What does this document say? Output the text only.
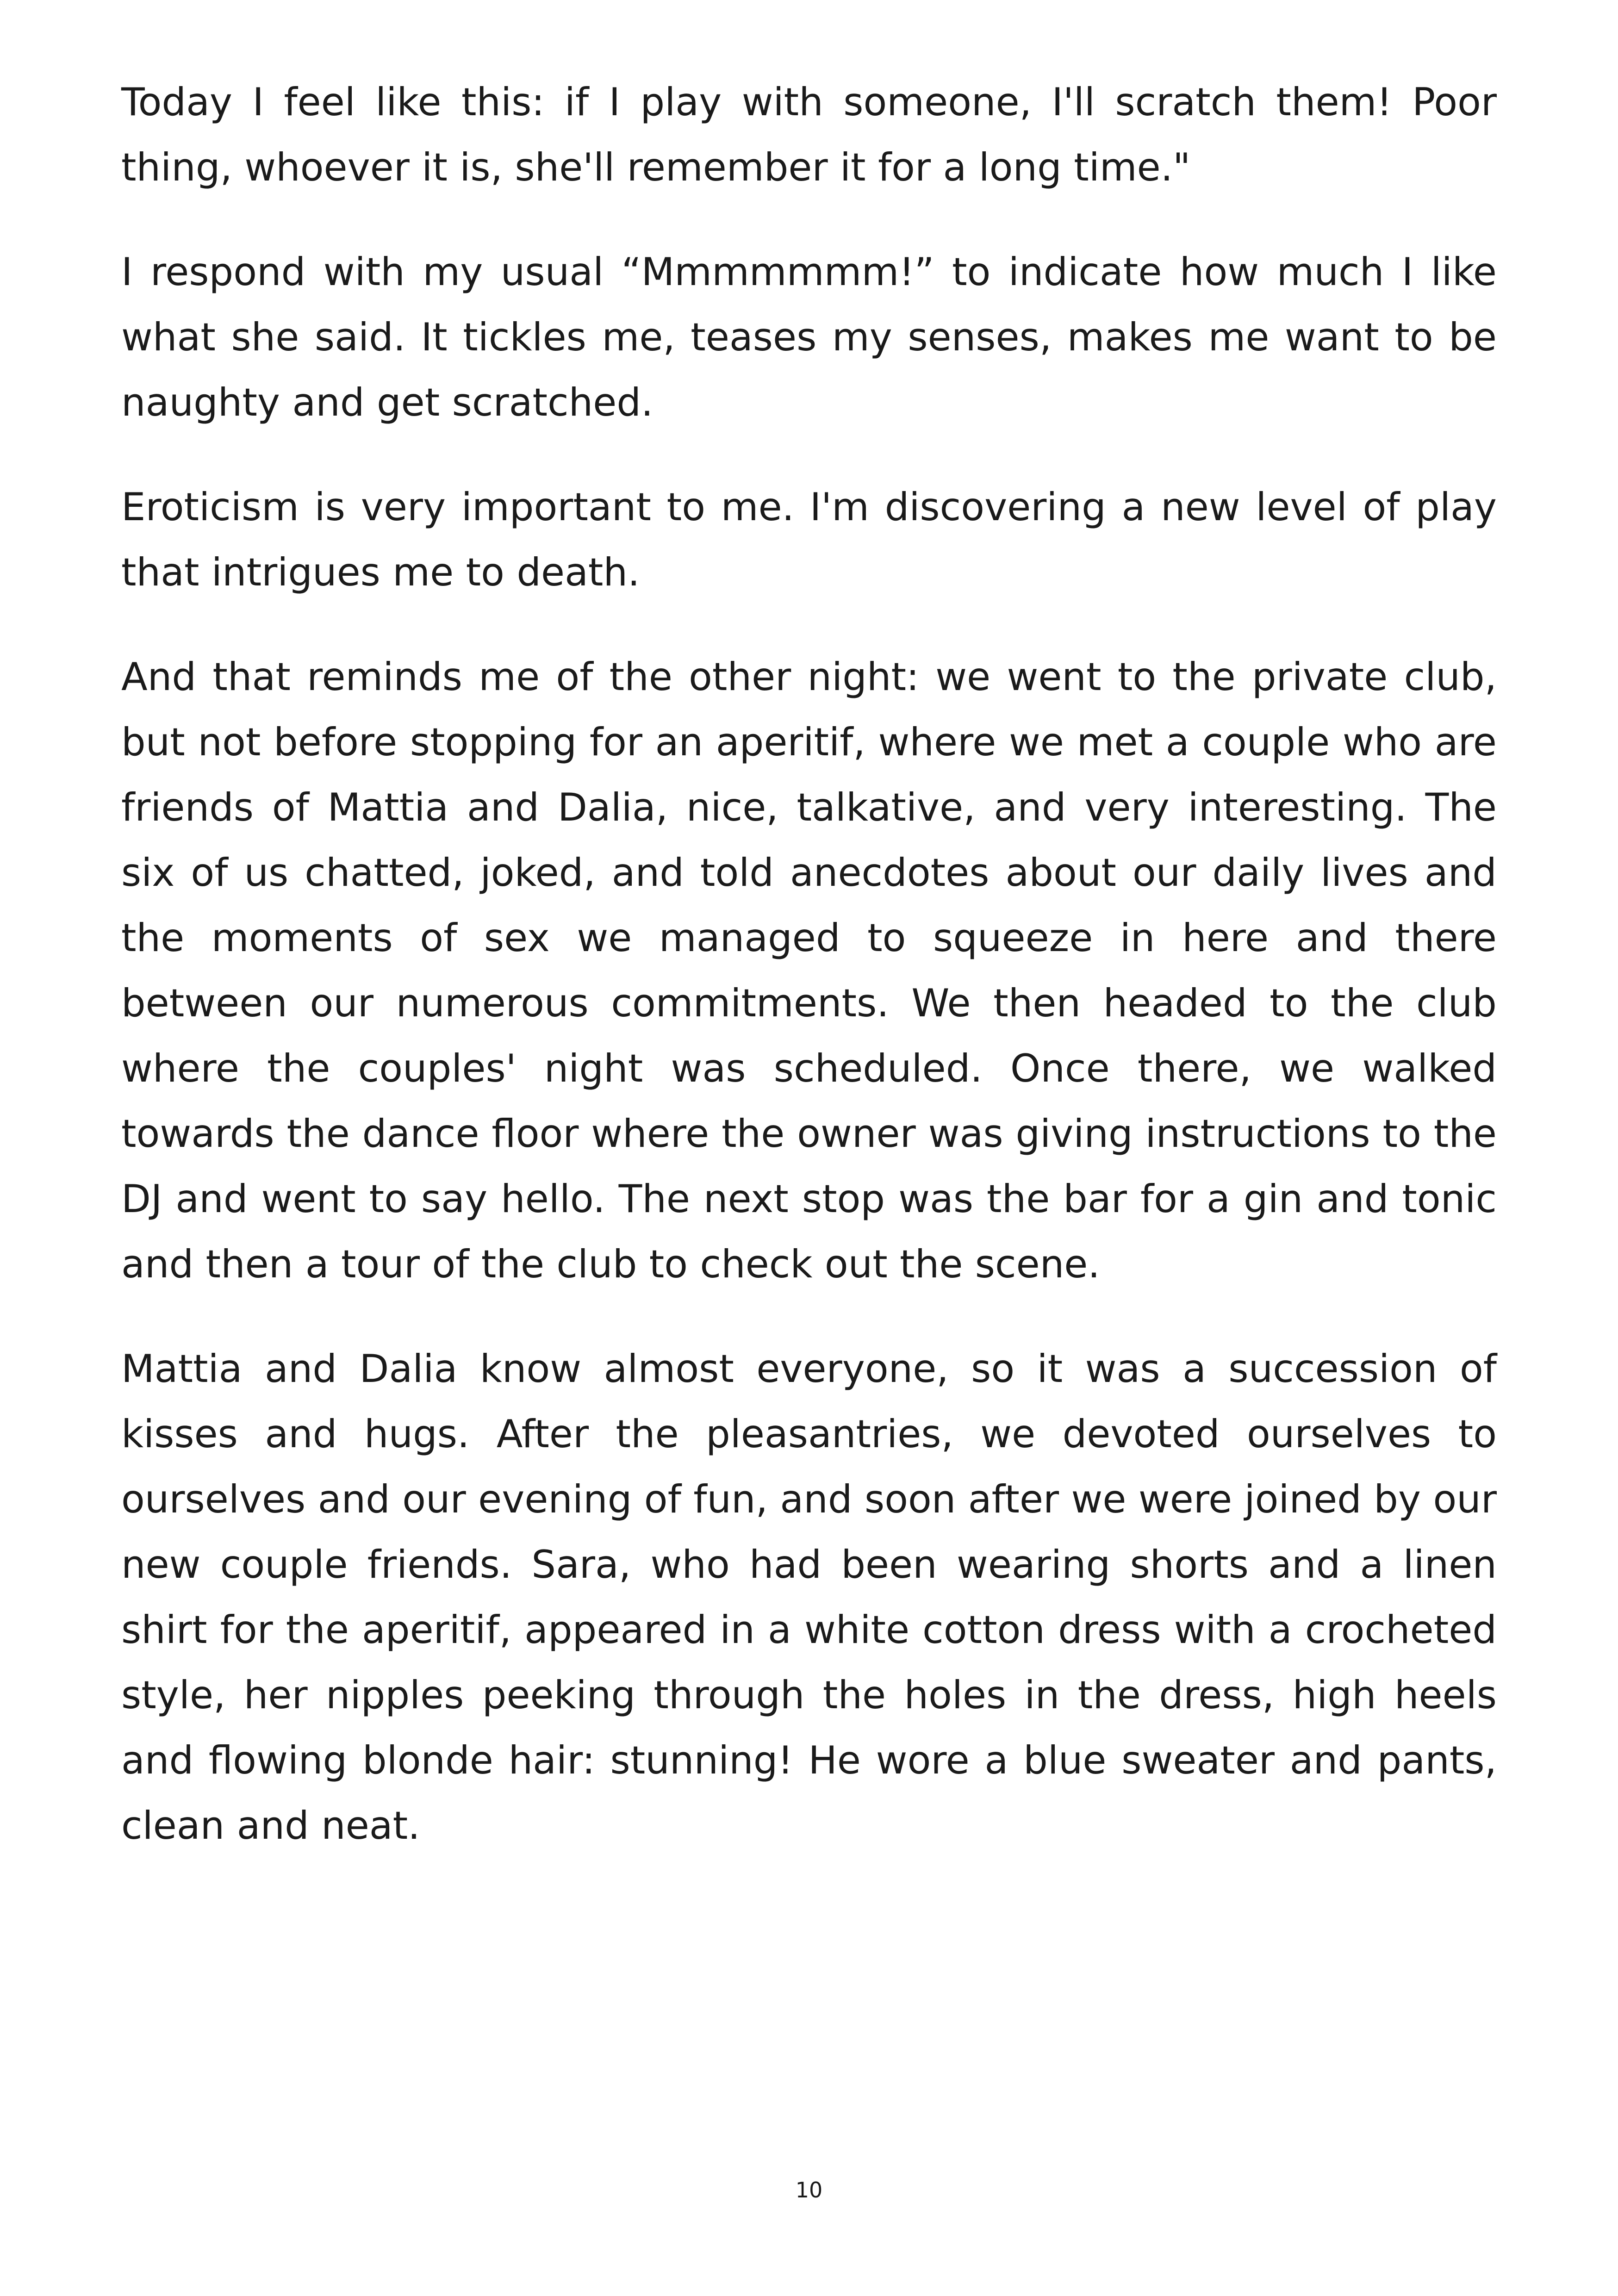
Today I feel like this: if I play with someone, I'll scratch them! Poor thing, whoever it is, she'll remember it for a long time."

I respond with my usual “Mmmmmmm!” to indicate how much I like what she said. It tickles me, teases my senses, makes me want to be naughty and get scratched.

Eroticism is very important to me. I'm discovering a new level of play that intrigues me to death.

And that reminds me of the other night: we went to the private club, but not before stopping for an aperitif, where we met a couple who are friends of Mattia and Dalia, nice, talkative, and very interesting. The six of us chatted, joked, and told anecdotes about our daily lives and the moments of sex we managed to squeeze in here and there between our numerous commitments. We then headed to the club where the couples' night was scheduled. Once there, we walked towards the dance floor where the owner was giving instructions to the DJ and went to say hello. The next stop was the bar for a gin and tonic and then a tour of the club to check out the scene.

Mattia and Dalia know almost everyone, so it was a succession of kisses and hugs. After the pleasantries, we devoted ourselves to ourselves and our evening of fun, and soon after we were joined by our new couple friends. Sara, who had been wearing shorts and a linen shirt for the aperitif, appeared in a white cotton dress with a crocheted style, her nipples peeking through the holes in the dress, high heels and flowing blonde hair: stunning! He wore a blue sweater and pants, clean and neat.

10
